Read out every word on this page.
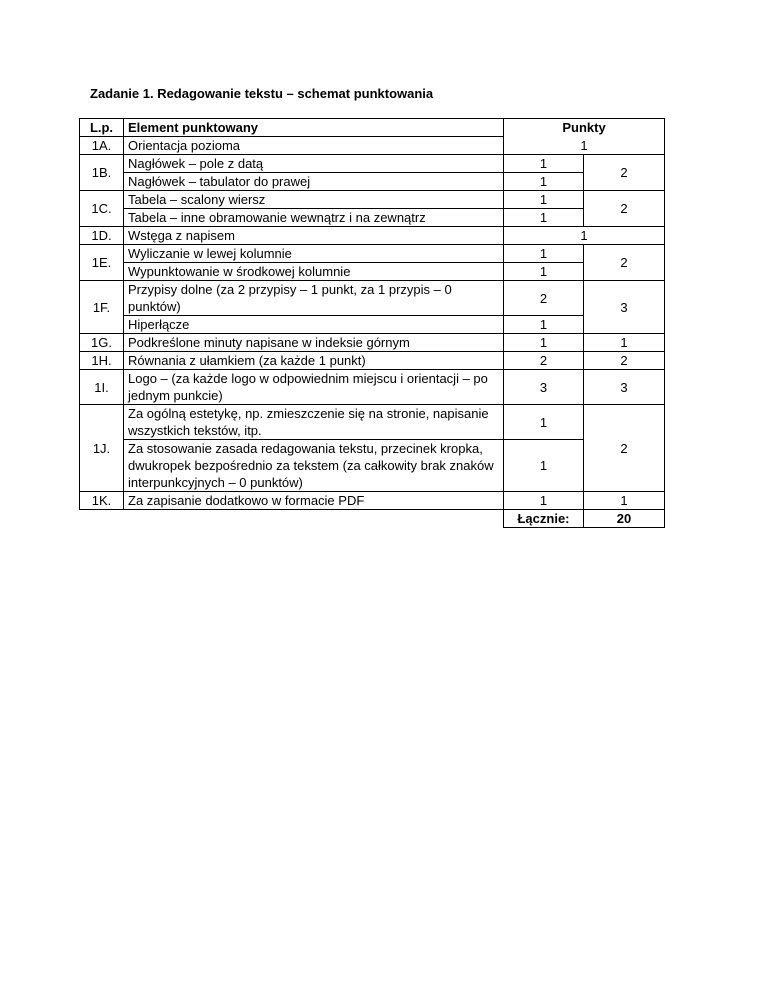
Zadanie 1. Redagowanie tekstu – schemat punktowania
L.p.	Element punktowany	Punkty	
1A.	Orientacja pozioma	1	
1B.	Nagłówek – pole z datą	1	2
	Nagłówek – tabulator do prawej	1	
1C.	Tabela – scalony wiersz	1	2
	Tabela – inne obramowanie wewnątrz i na zewnątrz	1	
1D.	Wstęga z napisem	1	
1E.	Wyliczanie w lewej kolumnie	1	2
	Wypunktowanie w środkowej kolumnie	1	
1F.	Przypisy dolne (za 2 przypisy – 1 punkt, za 1 przypis – 0 punktów)	2	3
	Hiperłącze	1	
1G.	Podkreślone minuty napisane w indeksie górnym	1	1
1H.	Równania z ułamkiem (za każde 1 punkt)	2	2
1I.	Logo – (za każde logo w odpowiednim miejscu i orientacji – po jednym punkcie)	3	3
1J.	Za ogólną estetykę, np. zmieszczenie się na stronie, napisanie wszystkich tekstów, itp.	1	2
	Za stosowanie zasada redagowania tekstu, przecinek kropka, dwukropek bezpośrednio za tekstem (za całkowity brak znaków interpunkcyjnych – 0 punktów)	1	
1K.	Za zapisanie dodatkowo w formacie PDF	1	1
		Łącznie:	20
